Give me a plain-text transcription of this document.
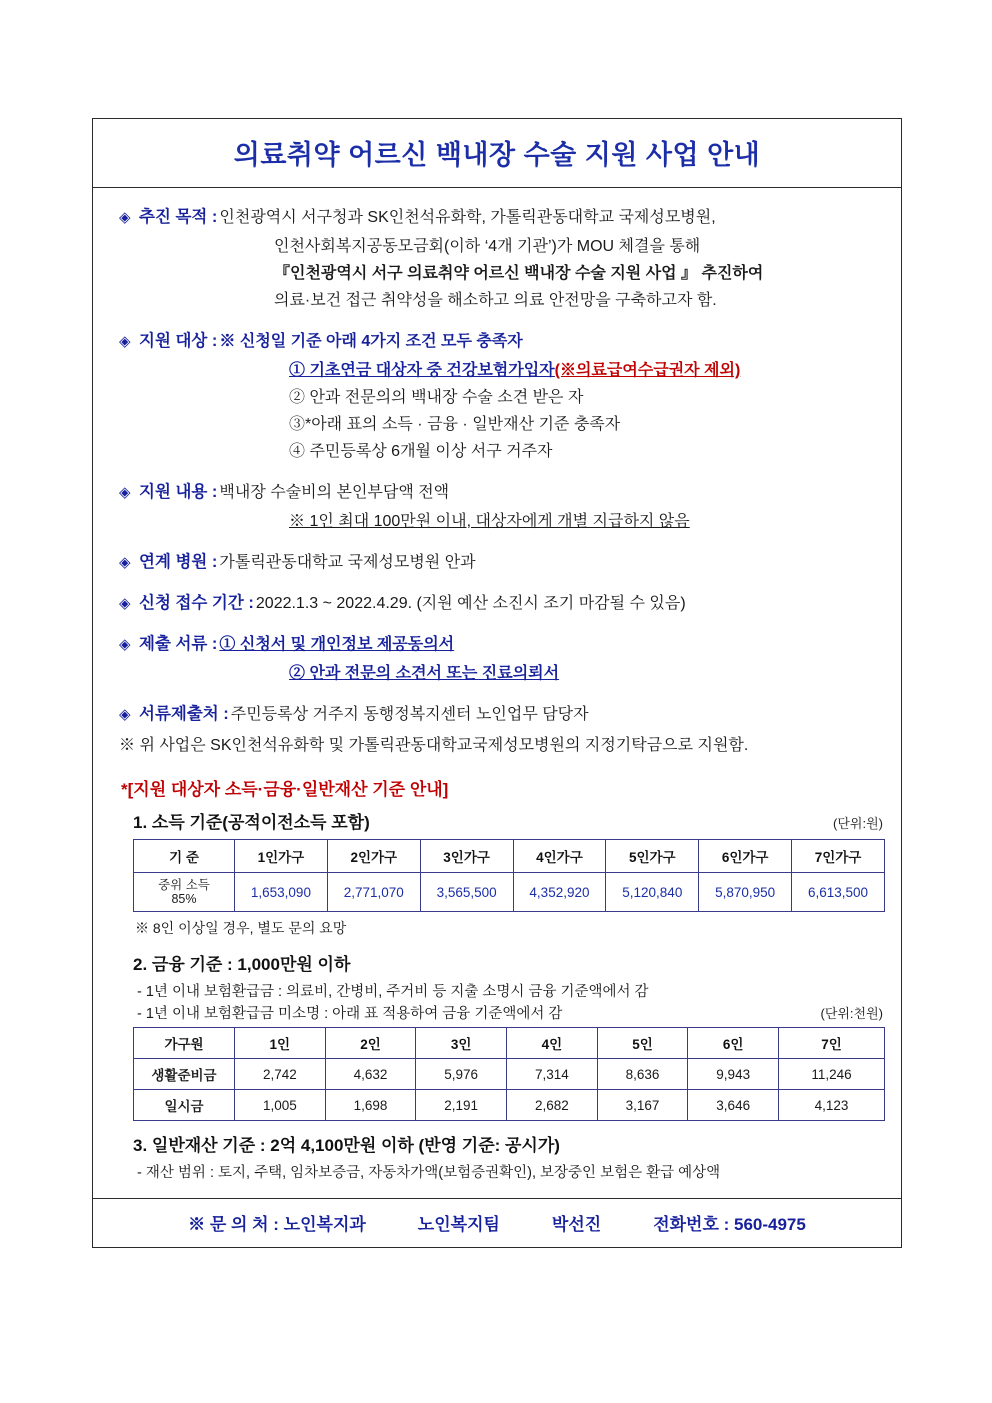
의료취약 어르신 백내장 수술 지원 사업 안내
◈ 추진 목적 : 인천광역시 서구청과 SK인천석유화학, 가톨릭관동대학교 국제성모병원,
인천사회복지공동모금회(이하 ‘4개 기관’)가 MOU 체결을 통해
『인천광역시 서구 의료취약 어르신 백내장 수술 지원 사업 』 추진하여
의료·보건 접근 취약성을 해소하고 의료 안전망을 구축하고자 함.
◈ 지원 대상 : ※ 신청일 기준 아래 4가지 조건 모두 충족자
① 기초연금 대상자 중 건강보험가입자(※의료급여수급권자 제외)
② 안과 전문의의 백내장 수술 소견 받은 자
③*아래 표의 소득 · 금융 · 일반재산 기준 충족자
④ 주민등록상 6개월 이상 서구 거주자
◈ 지원 내용 : 백내장 수술비의 본인부담액 전액
※ 1인 최대 100만원 이내, 대상자에게 개별 지급하지 않음
◈ 연계 병원 : 가톨릭관동대학교 국제성모병원 안과
◈ 신청 접수 기간 : 2022.1.3 ~ 2022.4.29. (지원 예산 소진시 조기 마감될 수 있음)
◈ 제출 서류 : ① 신청서 및 개인정보 제공동의서
② 안과 전문의 소견서 또는 진료의뢰서
◈ 서류제출처 : 주민등록상 거주지 동행정복지센터 노인업무 담당자
※ 위 사업은 SK인천석유화학 및 가톨릭관동대학교국제성모병원의 지정기탁금으로 지원함.
*[지원 대상자 소득·금융·일반재산 기준 안내]
1. 소득 기준(공적이전소득 포함)	(단위:원)
기 준	1인가구	2인가구	3인가구	4인가구	5인가구	6인가구	7인가구

중위 소득
85%	1,653,090	2,771,070	3,565,500	4,352,920	5,120,840	5,870,950	6,613,500
※ 8인 이상일 경우, 별도 문의 요망
2. 금융 기준 : 1,000만원 이하
- 1년 이내 보험환급금 : 의료비, 간병비, 주거비 등 지출 소명시 금융 기준액에서 감
- 1년 이내 보험환급금 미소명 : 아래 표 적용하여 금융 기준액에서 감	(단위:천원)
가구원	1인	2인	3인	4인	5인	6인	7인
생활준비금	2,742	4,632	5,976	7,314	8,636	9,943	11,246
일시금	1,005	1,698	2,191	2,682	3,167	3,646	4,123
3. 일반재산 기준 : 2억 4,100만원 이하 (반영 기준: 공시가)
- 재산 범위 : 토지, 주택, 임차보증금, 자동차가액(보험증권확인), 보장중인 보험은 환급 예상액
※ 문 의 처 : 노인복지과	노인복지팀	박선진	전화번호 : 560-4975
